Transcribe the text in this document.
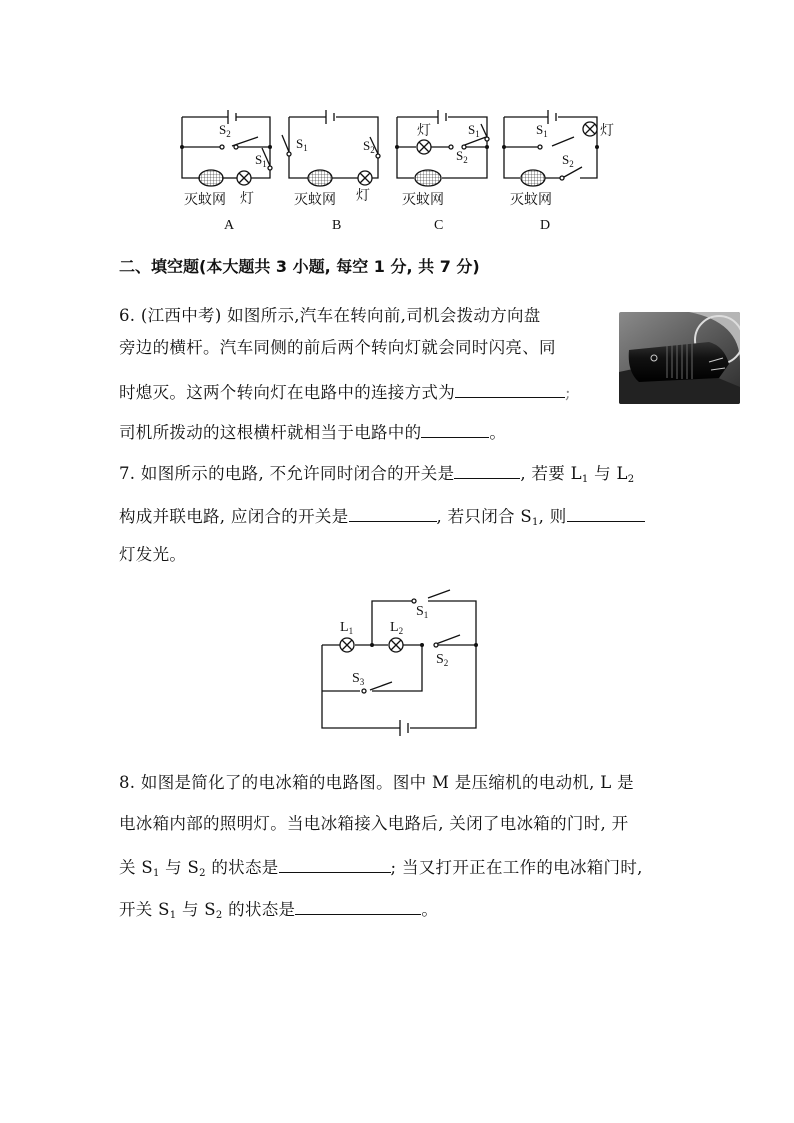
$S_2$
$S_1$
$S_1$	$S_2$
$S_1$
$S_2$
$S_1$
$S_2$
灯	灯
灯	灯
灭蚊网	灭蚊网	灭蚊网	灭蚊网
A	B	C	D
二、填空题(本大题共 3 小题, 每空 1 分, 共 7 分)
6. (江西中考) 如图所示,汽车在转向前,司机会拨动方向盘
旁边的横杆。汽车同侧的前后两个转向灯就会同时闪亮、同
时熄灭。这两个转向灯在电路中的连接方式为	;
司机所拨动的这根横杆就相当于电路中的	。
7. 如图所示的电路, 不允许同时闭合的开关是	, 若要 $L_1$ 与 $L_2$
构成并联电路, 应闭合的开关是	, 若只闭合 $S_1$, 则
灯发光。
$L_1$	$L_2$
$S_1$
$S_2$
$S_3$
8. 如图是简化了的电冰箱的电路图。图中 M 是压缩机的电动机, L 是
电冰箱内部的照明灯。当电冰箱接入电路后, 关闭了电冰箱的门时, 开
关 $S_1$ 与 $S_2$ 的状态是	; 当又打开正在工作的电冰箱门时,
开关 $S_1$ 与 $S_2$ 的状态是	。
